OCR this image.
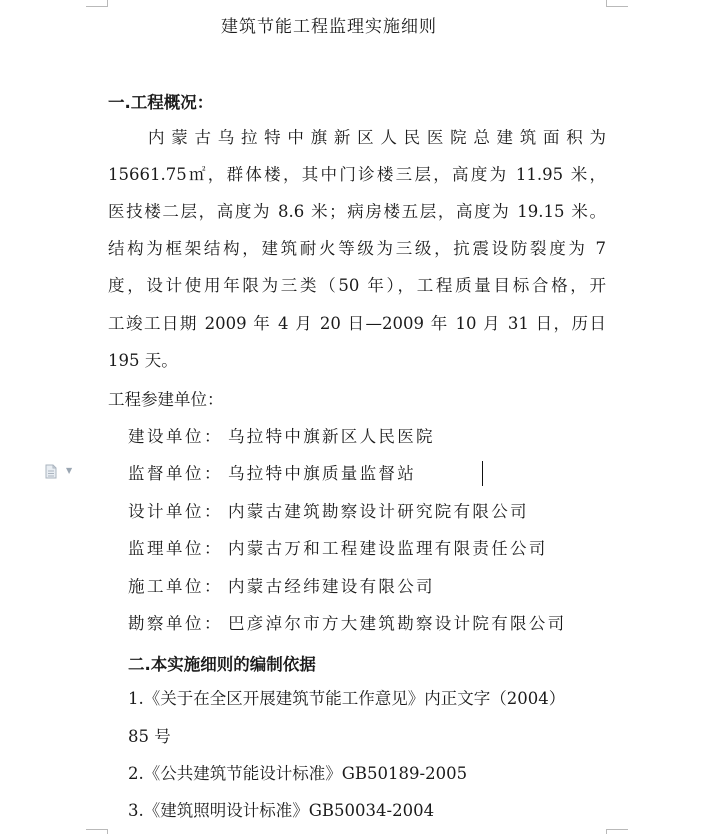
▼
建筑节能工程监理实施细则
一.工程概况：
内蒙古乌拉特中旗新区人民医院总建筑面积为
15661.75㎡，群体楼，其中门诊楼三层，高度为 11.95 米，
医技楼二层，高度为 8.6 米；病房楼五层，高度为 19.15 米。
结构为框架结构，建筑耐火等级为三级，抗震设防裂度为 7
度，设计使用年限为三类（50 年），工程质量目标合格，开
工竣工日期 2009 年 4 月 20 日—2009 年 10 月 31 日，历日
195 天。
工程参建单位：
建设单位： 乌拉特中旗新区人民医院
监督单位： 乌拉特中旗质量监督站
设计单位： 内蒙古建筑勘察设计研究院有限公司
监理单位： 内蒙古万和工程建设监理有限责任公司
施工单位： 内蒙古经纬建设有限公司
勘察单位： 巴彦淖尔市方大建筑勘察设计院有限公司
二.本实施细则的编制依据
1.《关于在全区开展建筑节能工作意见》内正文字（2004）
85 号
2.《公共建筑节能设计标准》GB50189-2005
3.《建筑照明设计标准》GB50034-2004
